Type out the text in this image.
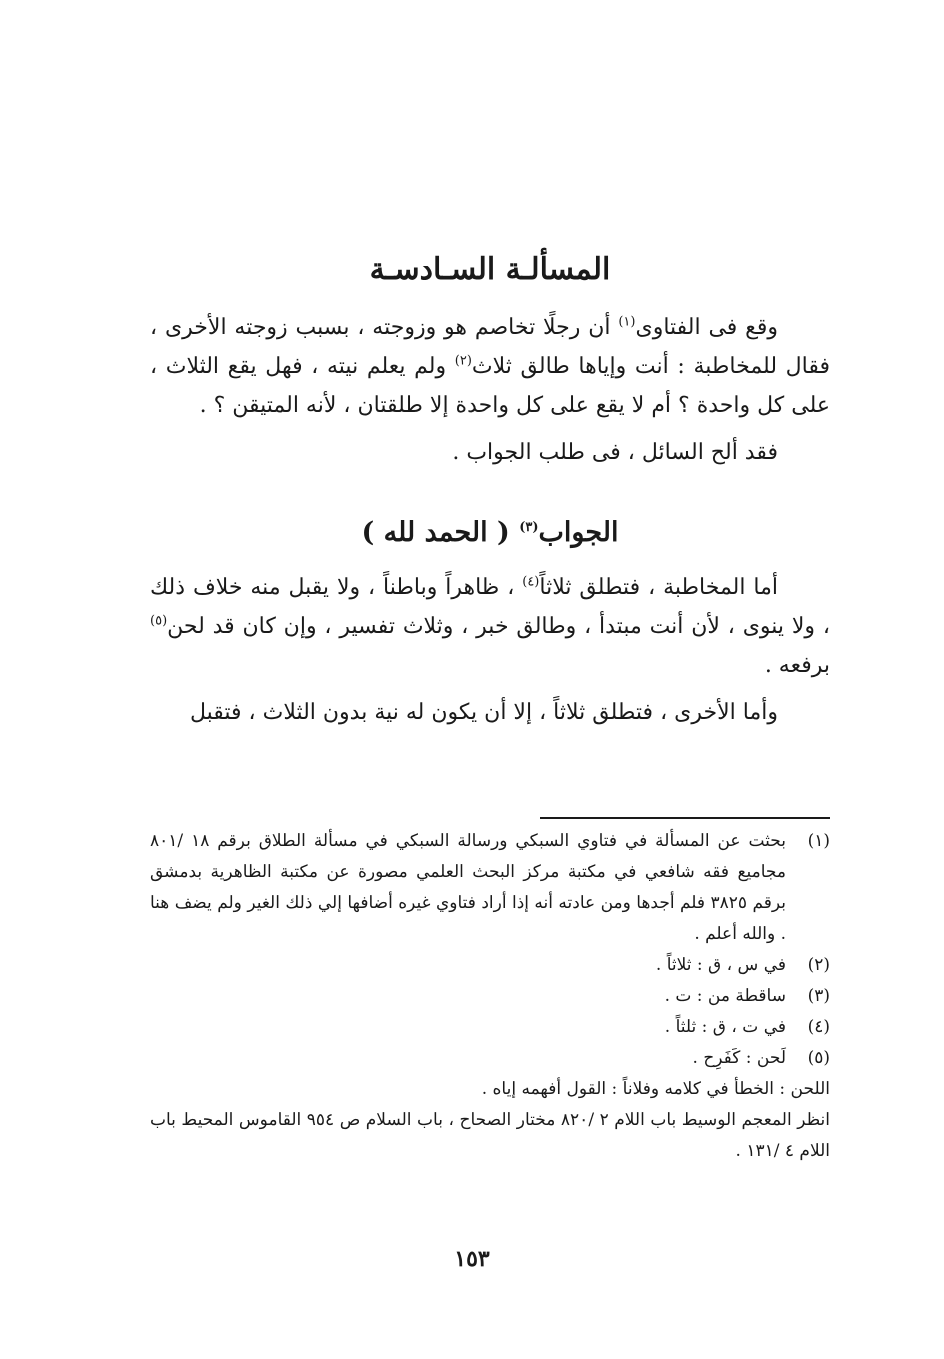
المسألـة السـادسـة

وقع فى الفتاوى$^{(١)}$ أن رجلًا تخاصم هو وزوجته ، بسبب زوجته الأخرى ، فقال للمخاطبة : أنت وإياها طالق ثلاث$^{(٢)}$ ولم يعلم نيته ، فهل يقع الثلاث ، على كل واحدة ؟ أم لا يقع على كل واحدة إلا طلقتان ، لأنه المتيقن ؟ .

فقد ألح السائل ، فى طلب الجواب .

الجواب$^{(٣)}$ ( الحمد لله )

أما المخاطبة ، فتطلق ثلاثاً$^{(٤)}$ ، ظاهراً وباطناً ، ولا يقبل منه خلاف ذلك ، ولا ينوى ، لأن أنت مبتدأ ، وطالق خبر ، وثلاث تفسير ، وإن كان قد لحن$^{(٥)}$ برفعه .

وأما الأخرى ، فتطلق ثلاثاً ، إلا أن يكون له نية بدون الثلاث ، فتقبل

(١)
بحثت عن المسألة في فتاوي السبكي ورسالة السبكي في مسألة الطلاق برقم ١٨ /٨٠١ مجاميع فقه شافعي في مكتبة مركز البحث العلمي مصورة عن مكتبة الظاهرية بدمشق برقم ٣٨٢٥ فلم أجدها ومن عادته أنه إذا أراد فتاوي غيره أضافها إلي ذلك الغير ولم يضف هنا . والله أعلم .
(٢)
في س ، ق : ثلاثاً .
(٣)
ساقطة من : ت .
(٤)
في ت ، ق : ثلثاً .
(٥)
لَحن : كَفَرِح .

اللحن : الخطأ في كلامه وفلاناً : القول أفهمه إياه .

انظر المعجم الوسيط باب اللام ٢ /٨٢٠ مختار الصحاح ، باب السلام ص ٩٥٤ القاموس المحيط باب اللام ٤ /١٣١ .

١٥٣
